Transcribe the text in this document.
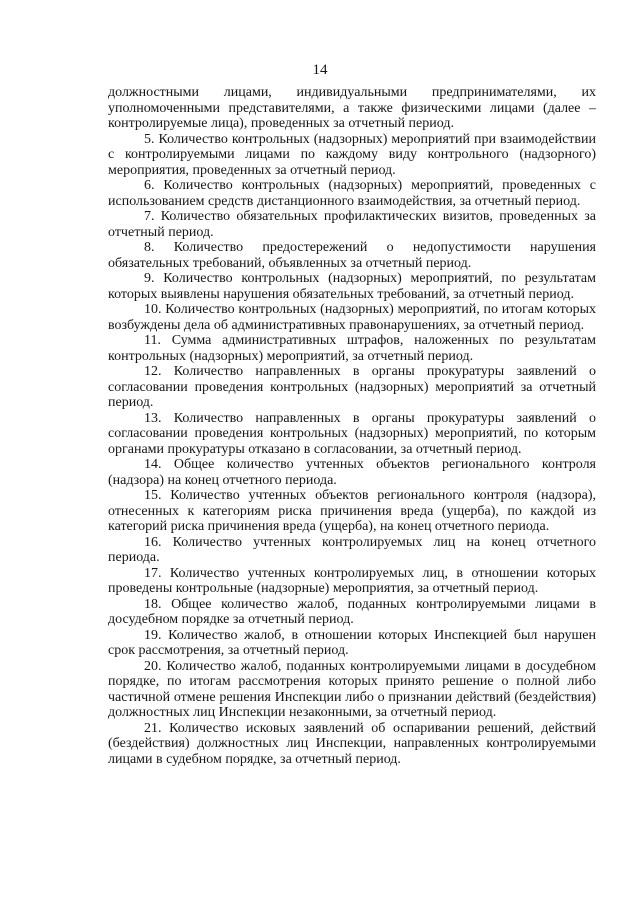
14

должностными лицами, индивидуальными предпринимателями, их уполномоченными представителями, а также физическими лицами (далее – контролируемые лица), проведенных за отчетный период.

5. Количество контрольных (надзорных) мероприятий при взаимодействии с контролируемыми лицами по каждому виду контрольного (надзорного) мероприятия, проведенных за отчетный период.

6. Количество контрольных (надзорных) мероприятий, проведенных с использованием средств дистанционного взаимодействия, за отчетный период.

7. Количество обязательных профилактических визитов, проведенных за отчетный период.

8. Количество предостережений о недопустимости нарушения обязательных требований, объявленных за отчетный период.

9. Количество контрольных (надзорных) мероприятий, по результатам которых выявлены нарушения обязательных требований, за отчетный период.

10. Количество контрольных (надзорных) мероприятий, по итогам которых возбуждены дела об административных правонарушениях, за отчетный период.

11. Сумма административных штрафов, наложенных по результатам контрольных (надзорных) мероприятий, за отчетный период.

12. Количество направленных в органы прокуратуры заявлений о согласовании проведения контрольных (надзорных) мероприятий за отчетный период.

13. Количество направленных в органы прокуратуры заявлений о согласовании проведения контрольных (надзорных) мероприятий, по которым органами прокуратуры отказано в согласовании, за отчетный период.

14. Общее количество учтенных объектов регионального контроля (надзора) на конец отчетного периода.

15. Количество учтенных объектов регионального контроля (надзора), отнесенных к категориям риска причинения вреда (ущерба), по каждой из категорий риска причинения вреда (ущерба), на конец отчетного периода.

16. Количество учтенных контролируемых лиц на конец отчетного периода.

17. Количество учтенных контролируемых лиц, в отношении которых проведены контрольные (надзорные) мероприятия, за отчетный период.

18. Общее количество жалоб, поданных контролируемыми лицами в досудебном порядке за отчетный период.

19. Количество жалоб, в отношении которых Инспекцией был нарушен срок рассмотрения, за отчетный период.

20. Количество жалоб, поданных контролируемыми лицами в досудебном порядке, по итогам рассмотрения которых принято решение о полной либо частичной отмене решения Инспекции либо о признании действий (бездействия) должностных лиц Инспекции незаконными, за отчетный период.

21. Количество исковых заявлений об оспаривании решений, действий (бездействия) должностных лиц Инспекции, направленных контролируемыми лицами в судебном порядке, за отчетный период.
